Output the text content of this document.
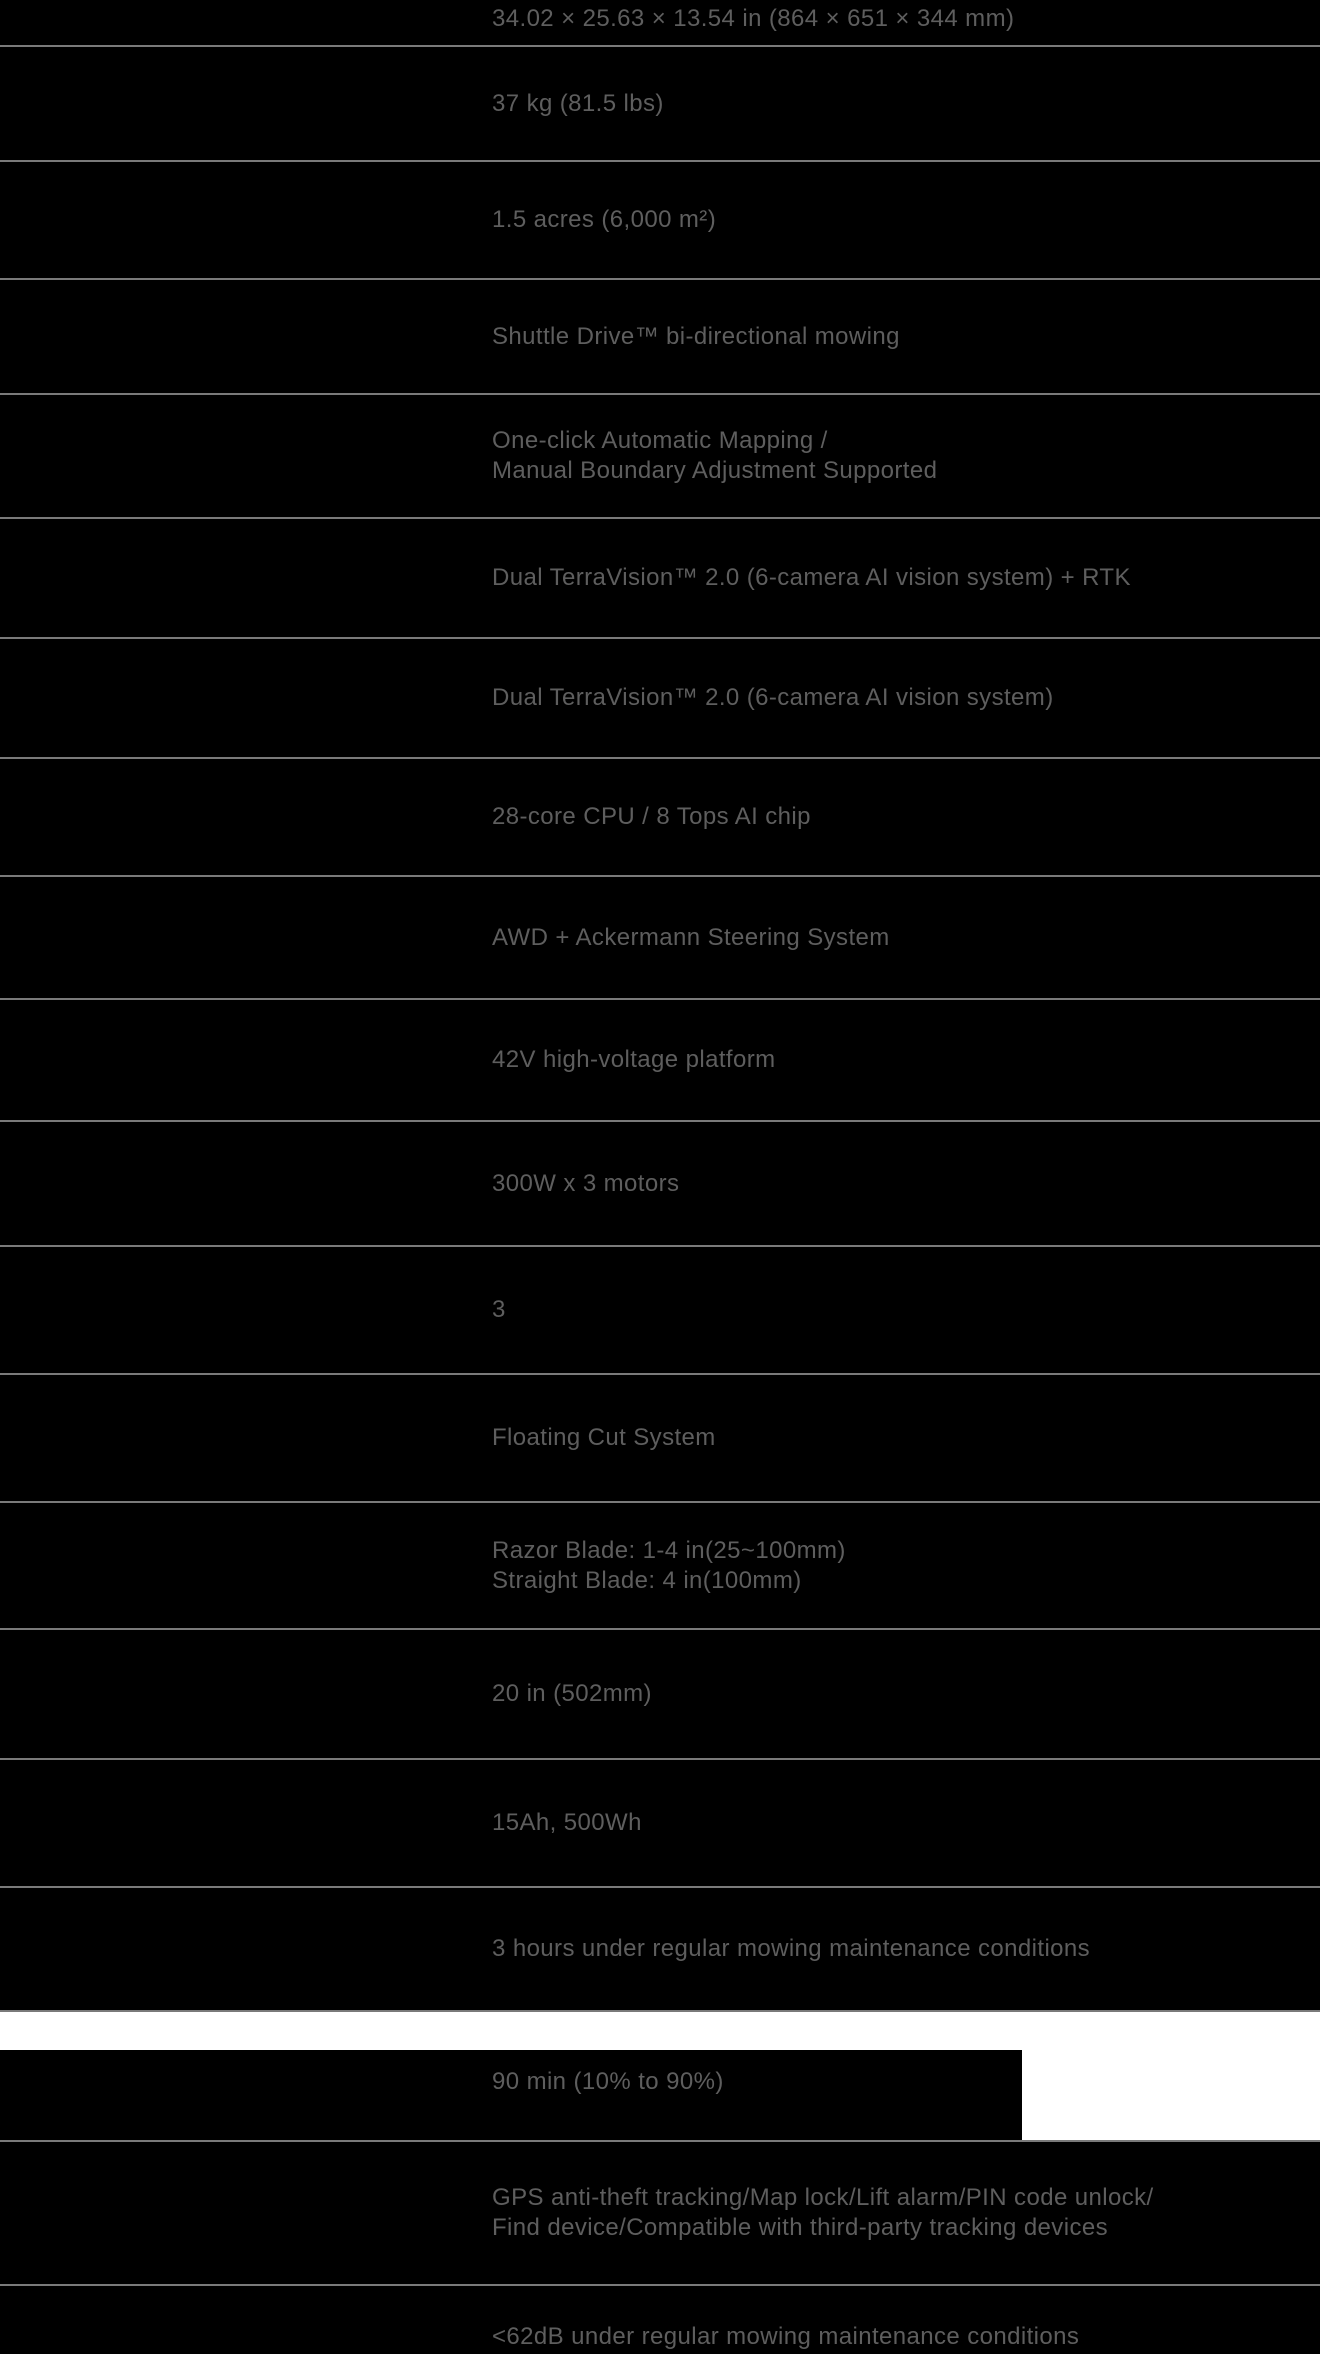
34.02 × 25.63 × 13.54 in (864 × 651 × 344 mm)
37 kg (81.5 lbs)
1.5 acres (6,000 m²)
Shuttle Drive™ bi-directional mowing
One-click Automatic Mapping /
Manual Boundary Adjustment Supported
Dual TerraVision™ 2.0 (6-camera AI vision system) + RTK
Dual TerraVision™ 2.0 (6-camera AI vision system)
28-core CPU / 8 Tops AI chip
AWD + Ackermann Steering System
42V high-voltage platform
300W x 3 motors
3
Floating Cut System
Razor Blade: 1-4 in(25~100mm)
Straight Blade: 4 in(100mm)
20 in (502mm)
15Ah, 500Wh
3 hours under regular mowing maintenance conditions
90 min (10% to 90%)
GPS anti-theft tracking/Map lock/Lift alarm/PIN code unlock/
Find device/Compatible with third-party tracking devices
<62dB under regular mowing maintenance conditions
